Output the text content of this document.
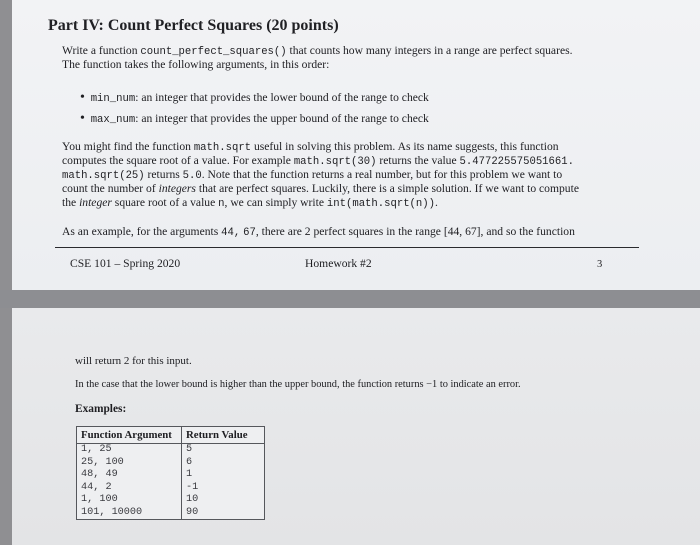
Part IV: Count Perfect Squares (20 points)
Write a function count_perfect_squares() that counts how many integers in a range are perfect squares.
The function takes the following arguments, in this order:
• min_num: an integer that provides the lower bound of the range to check
• max_num: an integer that provides the upper bound of the range to check
You might find the function math.sqrt useful in solving this problem. As its name suggests, this function
computes the square root of a value. For example math.sqrt(30) returns the value 5.477225575051661.
math.sqrt(25) returns 5.0. Note that the function returns a real number, but for this problem we want to
count the number of integers that are perfect squares. Luckily, there is a simple solution. If we want to compute
the integer square root of a value n, we can simply write int(math.sqrt(n)).
As an example, for the arguments 44, 67, there are 2 perfect squares in the range [44, 67], and so the function
CSE 101 – Spring 2020	Homework #2	3
will return 2 for this input.
In the case that the lower bound is higher than the upper bound, the function returns −1 to indicate an error.
Examples:
Function Argument	Return Value
1, 25	5
25, 100	6
48, 49	1
44, 2	-1
1, 100	10
101, 10000	90
